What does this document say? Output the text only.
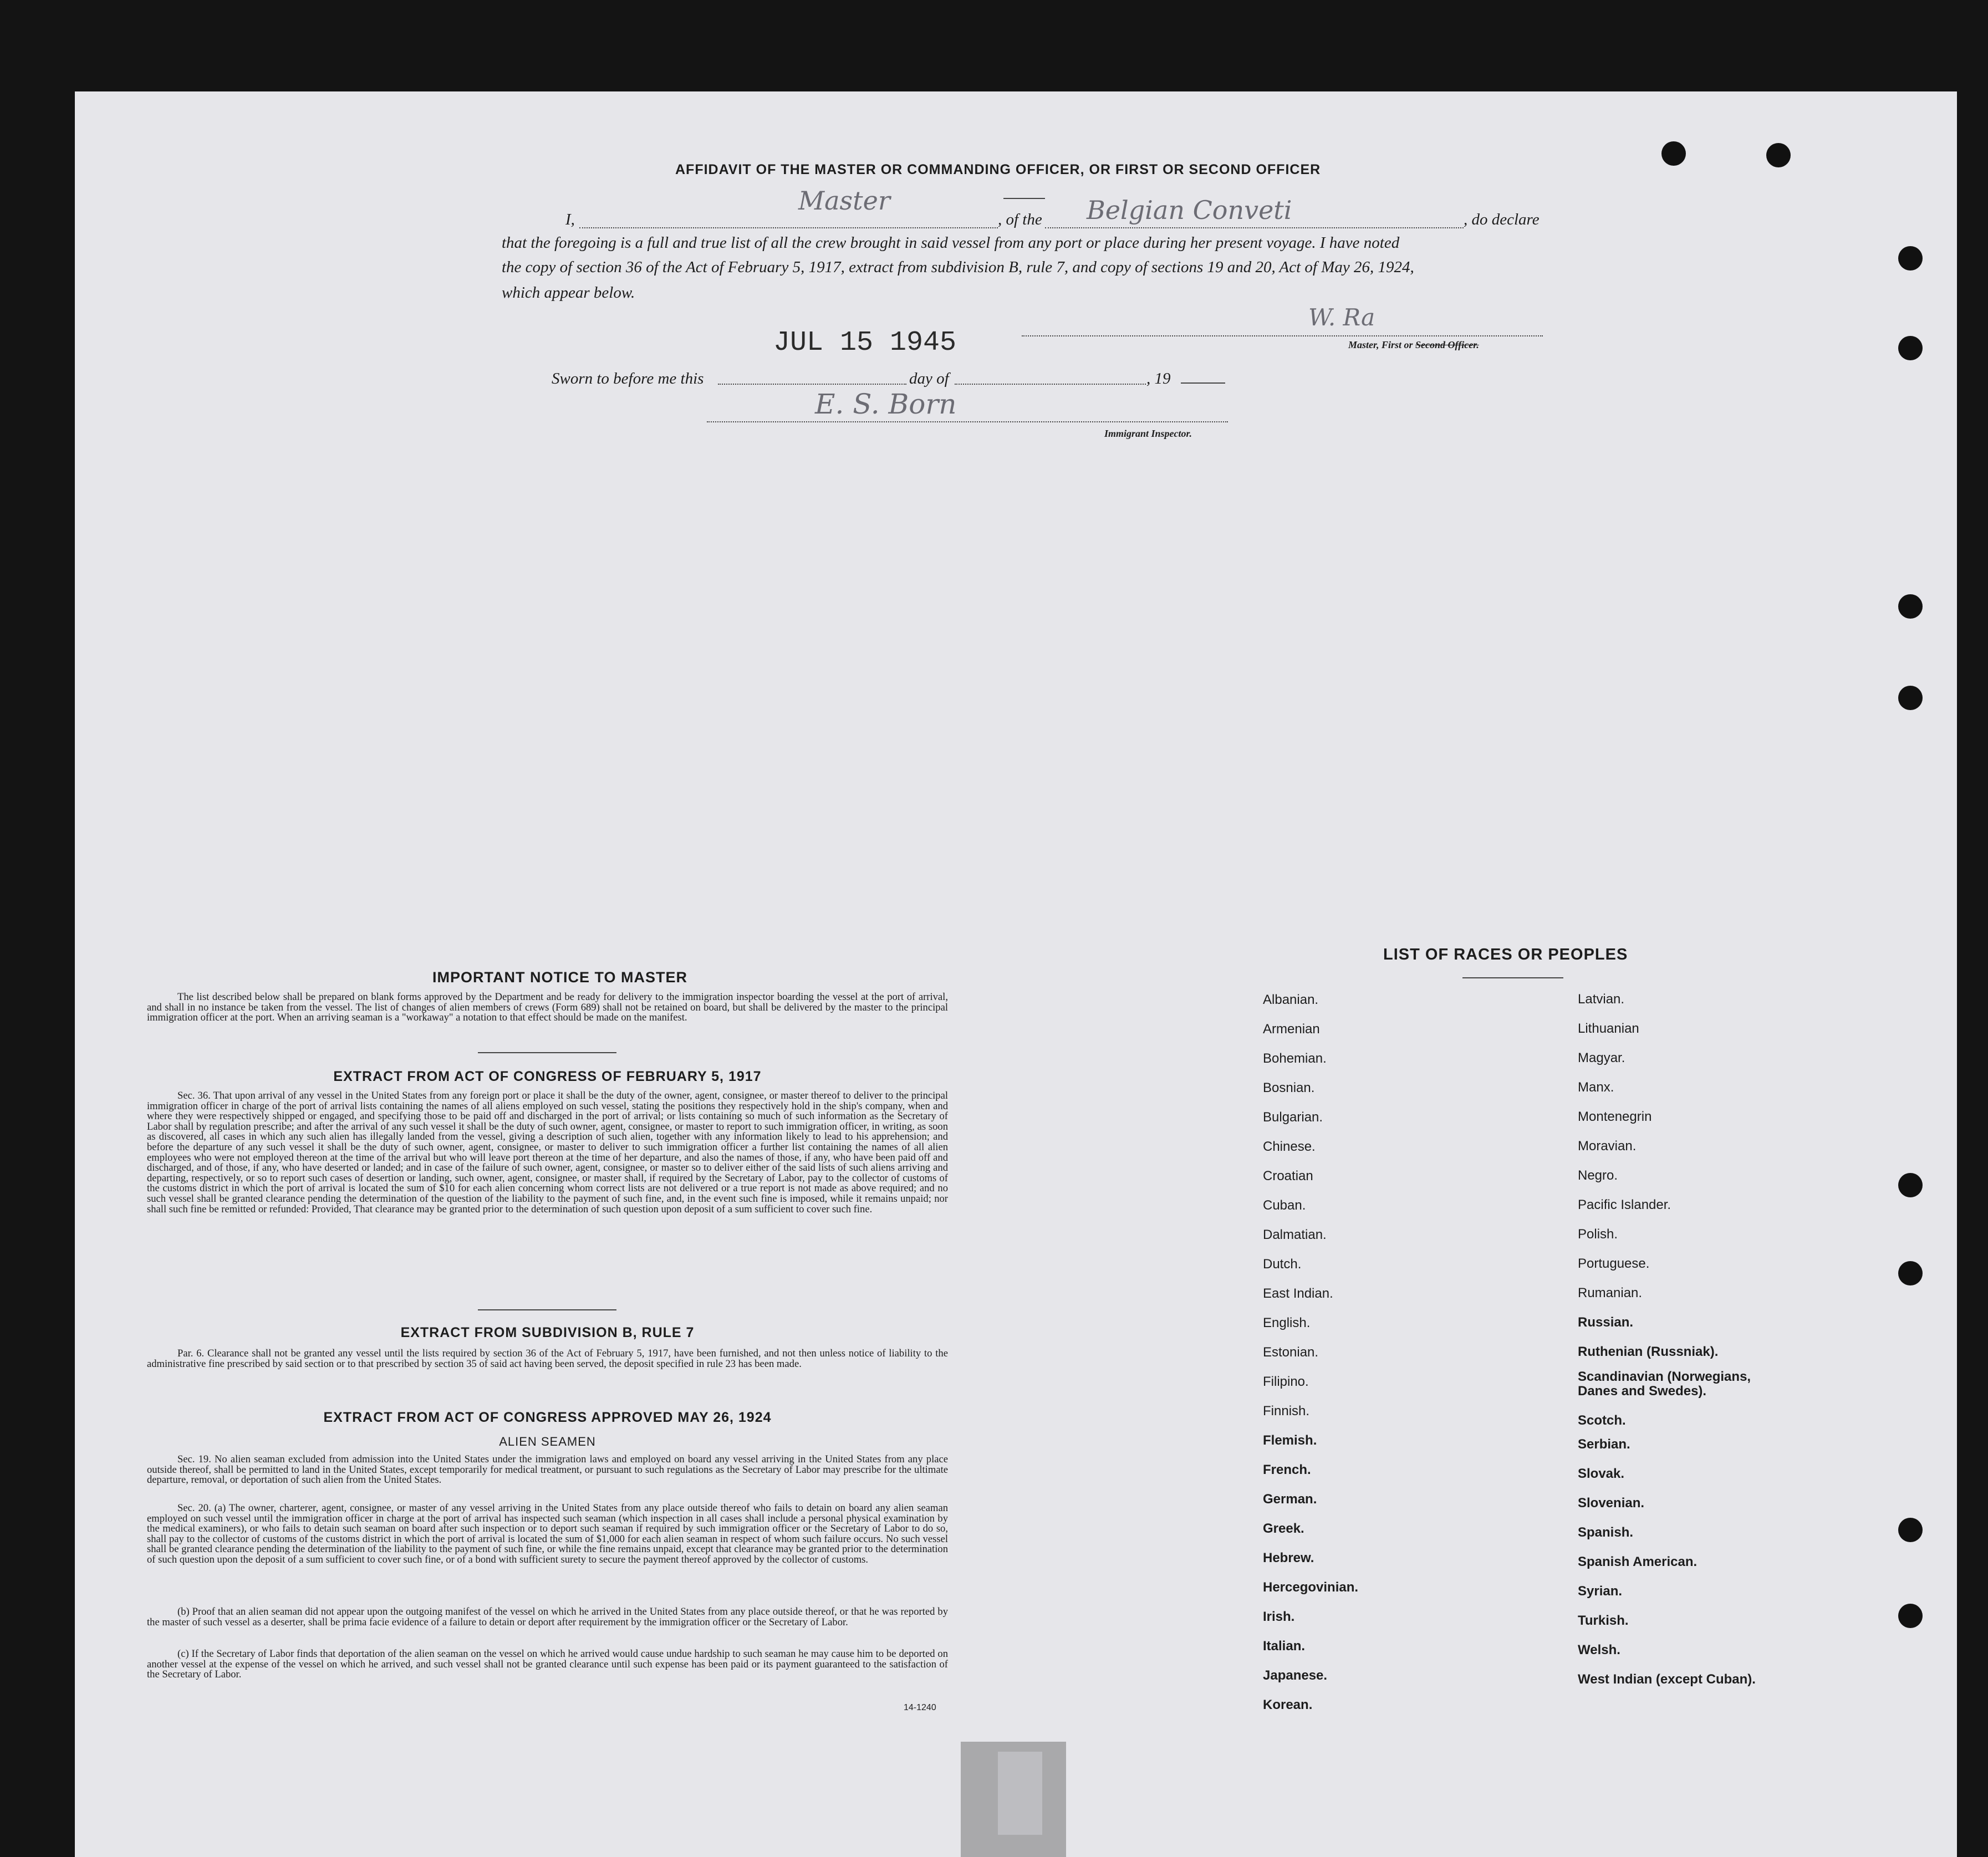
AFFIDAVIT OF THE MASTER OR COMMANDING OFFICER, OR FIRST OR SECOND OFFICER
I,
Master
, of the Belgian Conveti	, do declare
that the foregoing is a full and true list of all the crew brought in said vessel from any port or place during her present voyage. I have noted
the copy of section 36 of the Act of February 5, 1917, extract from subdivision B, rule 7, and copy of sections 19 and 20, Act of May 26, 1924,
which appear below.
JUL 15 1945
W. Ra
Master, First or Second Officer.
Sworn to before me this	day of	, 19
E. S. Born
Immigrant Inspector.
IMPORTANT NOTICE TO MASTER
The list described below shall be prepared on blank forms approved by the Department and be ready for delivery to the immigration inspector boarding the vessel at the port of arrival, and shall in no instance be taken from the vessel. The list of changes of alien members of crews (Form 689) shall not be retained on board, but shall be delivered by the master to the principal immigration officer at the port. When an arriving seaman is a "workaway" a notation to that effect should be made on the manifest.
EXTRACT FROM ACT OF CONGRESS OF FEBRUARY 5, 1917
Sec. 36. That upon arrival of any vessel in the United States from any foreign port or place it shall be the duty of the owner, agent, consignee, or master thereof to deliver to the principal immigration officer in charge of the port of arrival lists containing the names of all aliens employed on such vessel, stating the positions they respectively hold in the ship's company, when and where they were respectively shipped or engaged, and specifying those to be paid off and discharged in the port of arrival; or lists containing so much of such information as the Secretary of Labor shall by regulation prescribe; and after the arrival of any such vessel it shall be the duty of such owner, agent, consignee, or master to report to such immigration officer, in writing, as soon as discovered, all cases in which any such alien has illegally landed from the vessel, giving a description of such alien, together with any information likely to lead to his apprehension; and before the departure of any such vessel it shall be the duty of such owner, agent, consignee, or master to deliver to such immigration officer a further list containing the names of all alien employees who were not employed thereon at the time of the arrival but who will leave port thereon at the time of her departure, and also the names of those, if any, who have been paid off and discharged, and of those, if any, who have deserted or landed; and in case of the failure of such owner, agent, consignee, or master so to deliver either of the said lists of such aliens arriving and departing, respectively, or so to report such cases of desertion or landing, such owner, agent, consignee, or master shall, if required by the Secretary of Labor, pay to the collector of customs of the customs district in which the port of arrival is located the sum of $10 for each alien concerning whom correct lists are not delivered or a true report is not made as above required; and no such vessel shall be granted clearance pending the determination of the question of the liability to the payment of such fine, and, in the event such fine is imposed, while it remains unpaid; nor shall such fine be remitted or refunded: Provided, That clearance may be granted prior to the determination of such question upon deposit of a sum sufficient to cover such fine.
EXTRACT FROM SUBDIVISION B, RULE 7
Par. 6. Clearance shall not be granted any vessel until the lists required by section 36 of the Act of February 5, 1917, have been furnished, and not then unless notice of liability to the administrative fine prescribed by said section or to that prescribed by section 35 of said act having been served, the deposit specified in rule 23 has been made.
EXTRACT FROM ACT OF CONGRESS APPROVED MAY 26, 1924
ALIEN SEAMEN
Sec. 19. No alien seaman excluded from admission into the United States under the immigration laws and employed on board any vessel arriving in the United States from any place outside thereof, shall be permitted to land in the United States, except temporarily for medical treatment, or pursuant to such regulations as the Secretary of Labor may prescribe for the ultimate departure, removal, or deportation of such alien from the United States.
Sec. 20. (a) The owner, charterer, agent, consignee, or master of any vessel arriving in the United States from any place outside thereof who fails to detain on board any alien seaman employed on such vessel until the immigration officer in charge at the port of arrival has inspected such seaman (which inspection in all cases shall include a personal physical examination by the medical examiners), or who fails to detain such seaman on board after such inspection or to deport such seaman if required by such immigration officer or the Secretary of Labor to do so, shall pay to the collector of customs of the customs district in which the port of arrival is located the sum of $1,000 for each alien seaman in respect of whom such failure occurs. No such vessel shall be granted clearance pending the determination of the liability to the payment of such fine, or while the fine remains unpaid, except that clearance may be granted prior to the determination of such question upon the deposit of a sum sufficient to cover such fine, or of a bond with sufficient surety to secure the payment thereof approved by the collector of customs.
(b) Proof that an alien seaman did not appear upon the outgoing manifest of the vessel on which he arrived in the United States from any place outside thereof, or that he was reported by the master of such vessel as a deserter, shall be prima facie evidence of a failure to detain or deport after requirement by the immigration officer or the Secretary of Labor.
(c) If the Secretary of Labor finds that deportation of the alien seaman on the vessel on which he arrived would cause undue hardship to such seaman he may cause him to be deported on another vessel at the expense of the vessel on which he arrived, and such vessel shall not be granted clearance until such expense has been paid or its payment guaranteed to the satisfaction of the Secretary of Labor.
14-1240
LIST OF RACES OR PEOPLES
Albanian.
Armenian
Bohemian.
Bosnian.
Bulgarian.
Chinese.
Croatian
Cuban.
Dalmatian.
Dutch.
East Indian.
English.
Estonian.
Filipino.
Finnish.
Flemish.
French.
German.
Greek.
Hebrew.
Hercegovinian.
Irish.
Italian.
Japanese.
Korean.
Latvian.
Lithuanian
Magyar.
Manx.
Montenegrin
Moravian.
Negro.
Pacific Islander.
Polish.
Portuguese.
Rumanian.
Russian.
Ruthenian (Russniak).
Scandinavian (Norwegians, Danes and Swedes).
Scotch.
Serbian.
Slovak.
Slovenian.
Spanish.
Spanish American.
Syrian.
Turkish.
Welsh.
West Indian (except Cuban).
